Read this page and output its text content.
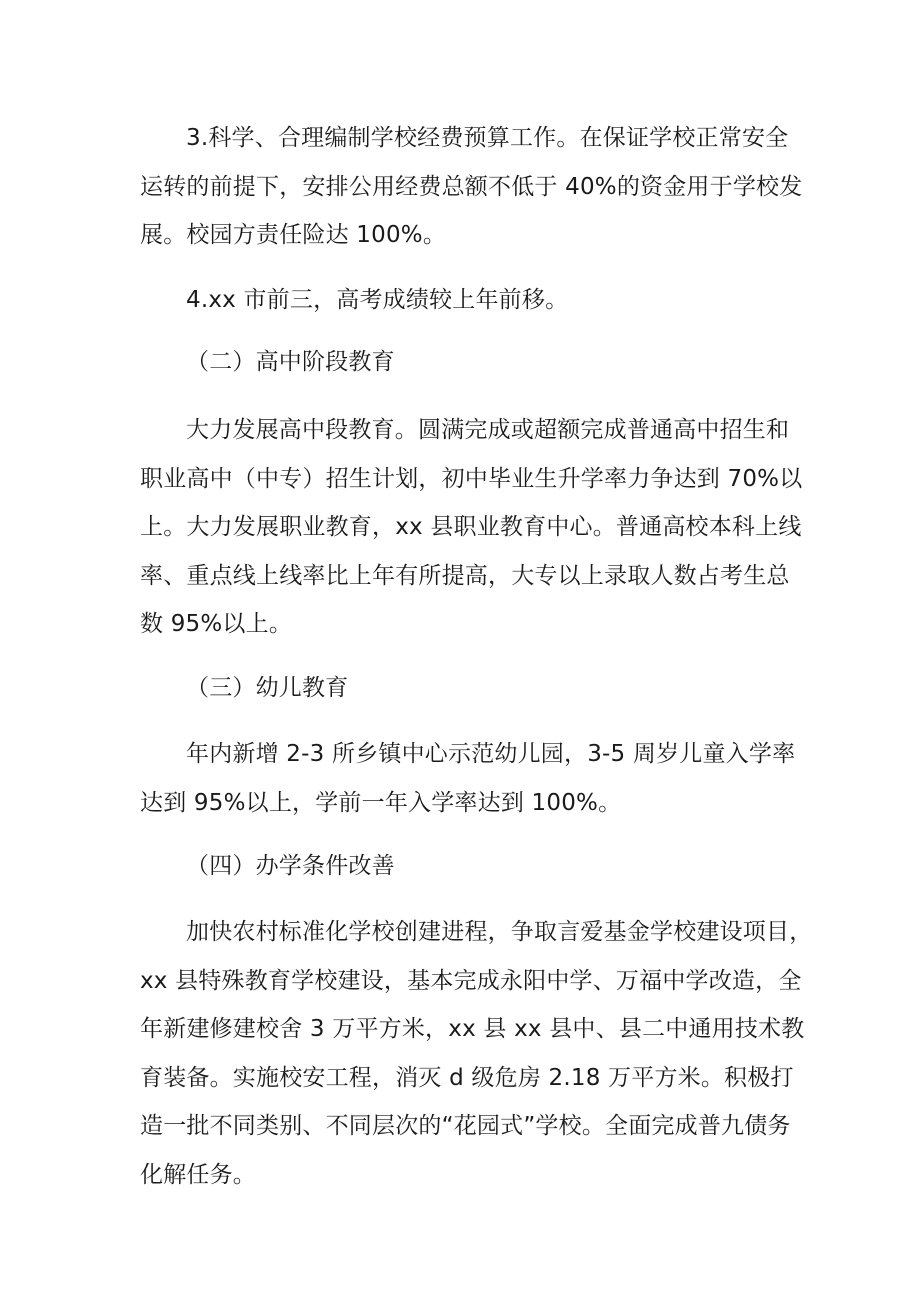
3.科学、合理编制学校经费预算工作。在保证学校正常安全
运转的前提下，安排公用经费总额不低于 40%的资金用于学校发
展。校园方责任险达 100%。
4.xx 市前三，高考成绩较上年前移。
（二）高中阶段教育
大力发展高中段教育。圆满完成或超额完成普通高中招生和
职业高中（中专）招生计划，初中毕业生升学率力争达到 70%以
上。大力发展职业教育，xx 县职业教育中心。普通高校本科上线
率、重点线上线率比上年有所提高，大专以上录取人数占考生总
数 95%以上。
（三）幼儿教育
年内新增 2-3 所乡镇中心示范幼儿园，3-5 周岁儿童入学率
达到 95%以上，学前一年入学率达到 100%。
（四）办学条件改善
加快农村标准化学校创建进程，争取言爱基金学校建设项目，
xx 县特殊教育学校建设，基本完成永阳中学、万福中学改造，全
年新建修建校舍 3 万平方米，xx 县 xx 县中、县二中通用技术教
育装备。实施校安工程，消灭 d 级危房 2.18 万平方米。积极打
造一批不同类别、不同层次的“花园式”学校。全面完成普九债务
化解任务。
